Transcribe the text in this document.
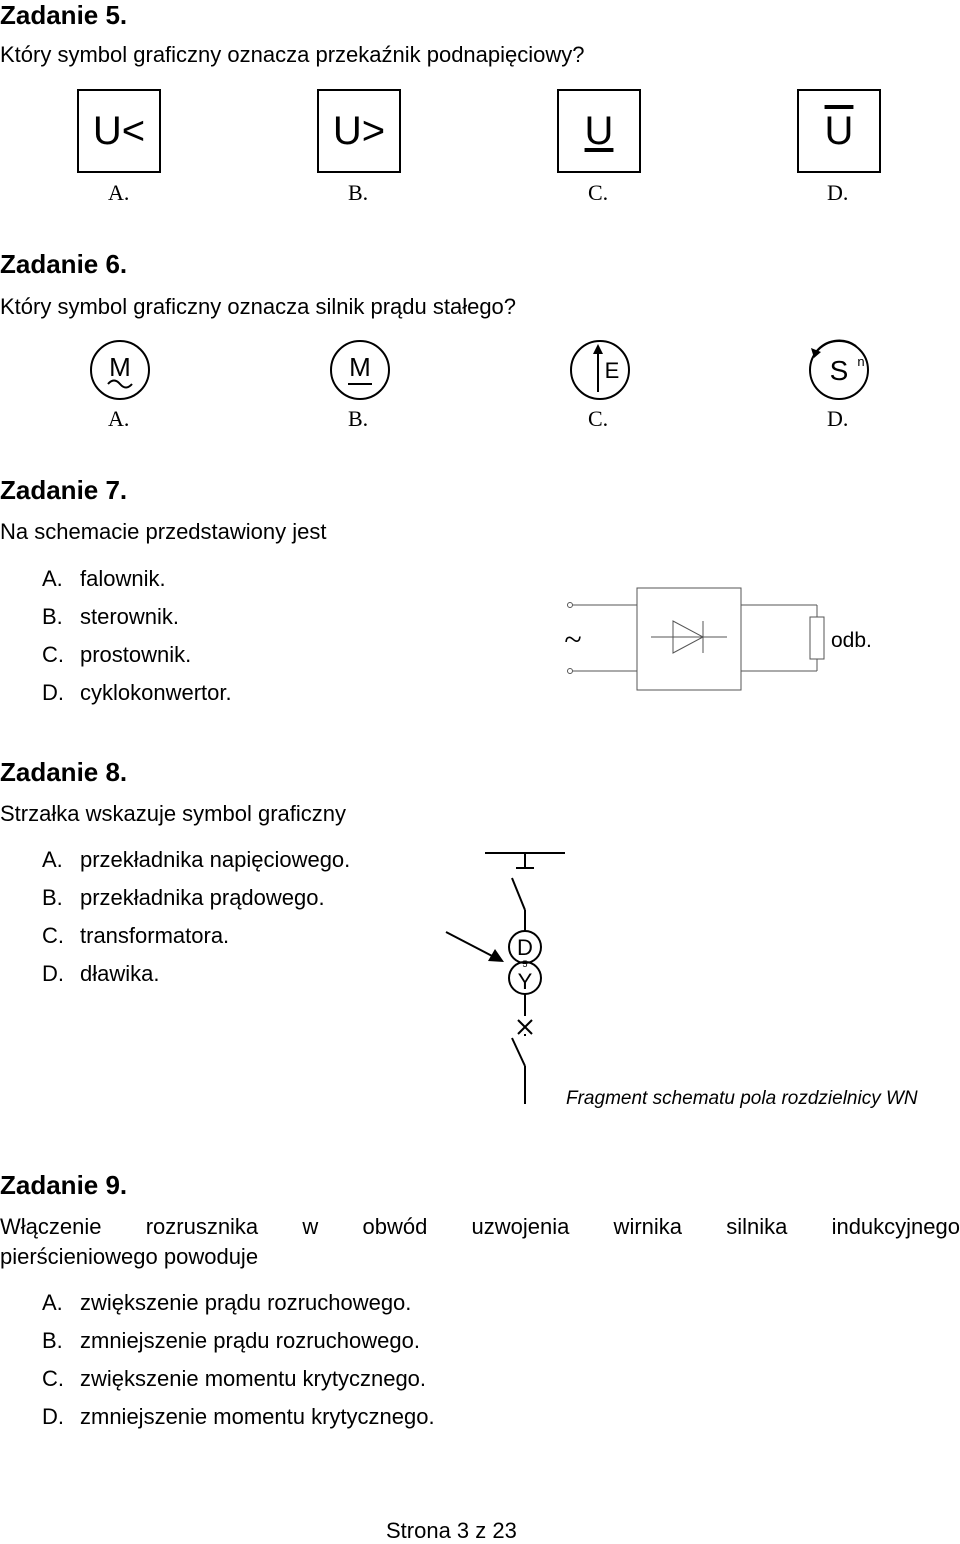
Zadanie 5.
Który symbol graficzny oznacza przekaźnik podnapięciowy?
U<	U>	U	$\overline{U}$
A.	B.	C.	D.
Zadanie 6.
Który symbol graficzny oznacza silnik prądu stałego?
M	M	E	S n
A.	B.	C.	D.
Zadanie 7.
Na schemacie przedstawiony jest
A. falownik.
B. sterownik.
C. prostownik.
D. cyklokonwertor.
~	odb.
Zadanie 8.
Strzałka wskazuje symbol graficzny
A. przekładnika napięciowego.
B. przekładnika prądowego.
C. transformatora.
D. dławika.
D
Y
5
Fragment schematu pola rozdzielnicy WN
Zadanie 9.
Włączenie rozrusznika w obwód uzwojenia wirnika silnika indukcyjnego
pierścieniowego powoduje
A. zwiększenie prądu rozruchowego.
B. zmniejszenie prądu rozruchowego.
C. zwiększenie momentu krytycznego.
D. zmniejszenie momentu krytycznego.
Strona 3 z 23
